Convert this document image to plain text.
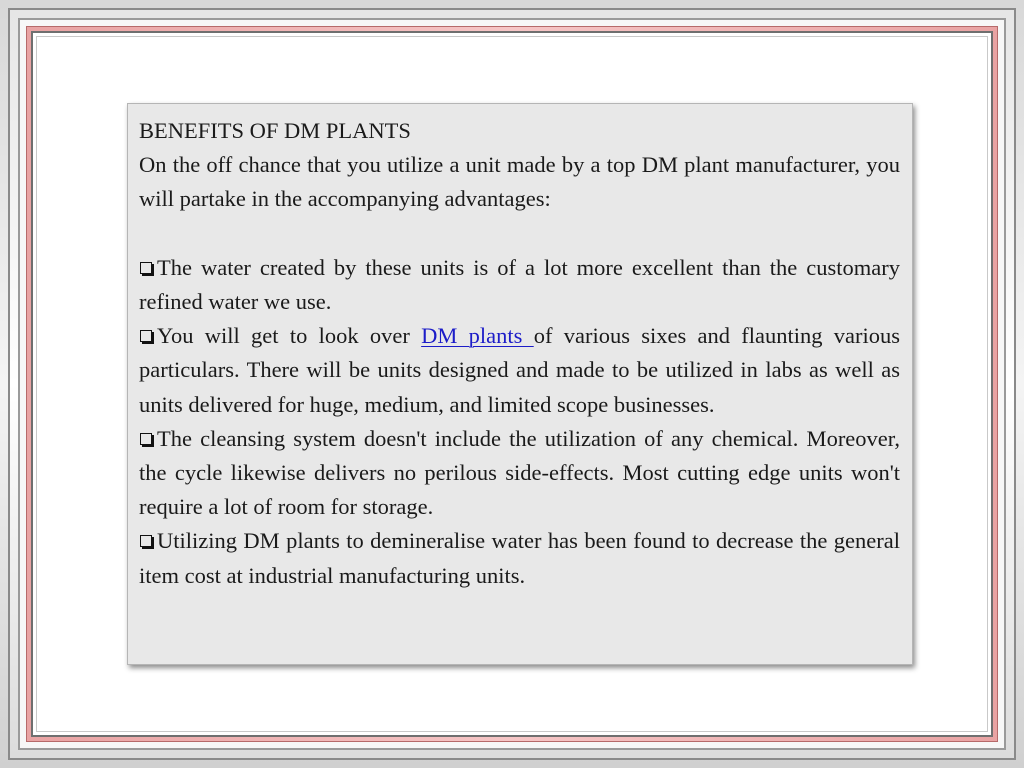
BENEFITS OF DM PLANTS

On the off chance that you utilize a unit made by a top DM plant manufacturer, you will partake in the accompanying advantages:

The water created by these units is of a lot more excellent than the customary refined water we use.

You will get to look over DM plants of various sixes and flaunting various particulars. There will be units designed and made to be utilized in labs as well as units delivered for huge, medium, and limited scope businesses.

The cleansing system doesn't include the utilization of any chemical. Moreover, the cycle likewise delivers no perilous side-effects. Most cutting edge units won't require a lot of room for storage.

Utilizing DM plants to demineralise water has been found to decrease the general item cost at industrial manufacturing units.
